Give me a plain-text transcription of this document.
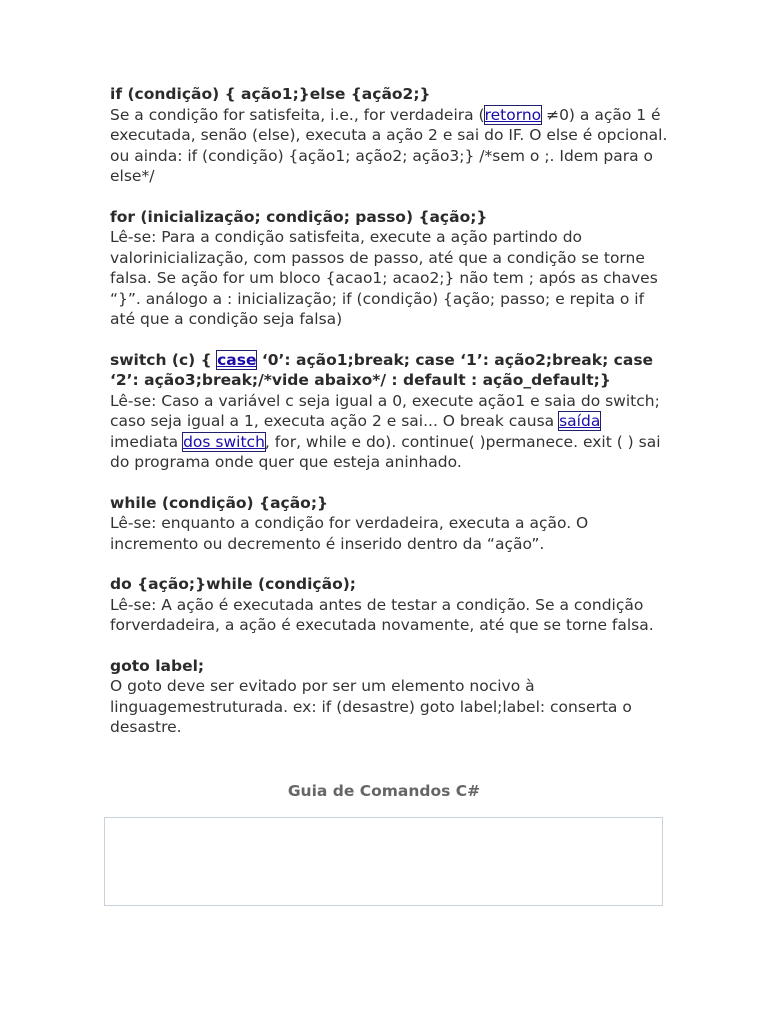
if (condição) { ação1;}else {ação2;}

Se a condição for satisfeita, i.e., for verdadeira (retorno ≠0) a ação 1 é executada, senão (else), executa a ação 2 e sai do IF. O else é opcional. ou ainda: if (condição) {ação1; ação2; ação3;} /*sem o ;. Idem para o else*/

for (inicialização; condição; passo) {ação;}

Lê-se: Para a condição satisfeita, execute a ação partindo do valorinicialização, com passos de passo, até que a condição se torne falsa. Se ação for um bloco {acao1; acao2;} não tem ; após as chaves “}”. análogo a : inicialização; if (condição) {ação; passo; e repita o if até que a condição seja falsa)

switch (c) { case ‘0’: ação1;break; case ‘1’: ação2;break; case ‘2’: ação3;break;/*vide abaixo*/ : default : ação_default;}

Lê-se: Caso a variável c seja igual a 0, execute ação1 e saia do switch; caso seja igual a 1, executa ação 2 e sai... O break causa saída imediata dos switch, for, while e do). continue( )permanece. exit ( ) sai do programa onde quer que esteja aninhado.

while (condição) {ação;}

Lê-se: enquanto a condição for verdadeira, executa a ação. O incremento ou decremento é inserido dentro da “ação”.

do {ação;}while (condição);

Lê-se: A ação é executada antes de testar a condição. Se a condição forverdadeira, a ação é executada novamente, até que se torne falsa.

goto label;

O goto deve ser evitado por ser um elemento nocivo à linguagemestruturada. ex: if (desastre) goto label;label: conserta o desastre.

Guia de Comandos C#
